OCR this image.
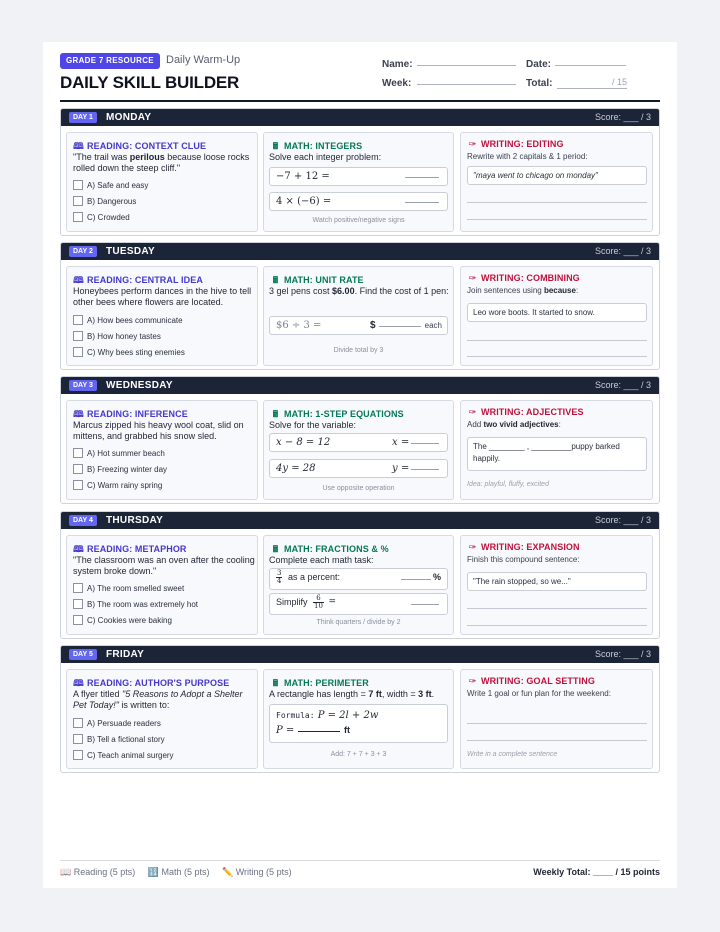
GRADE 7 RESOURCE	Daily Warm-Up
DAILY SKILL BUILDER
Name:	Date:
Week:	Total:	/ 15
DAY 1	MONDAY	Score: ___ / 3
🕮 READING: CONTEXT CLUE
"The trail was perilous because loose rocks rolled down the steep cliff."
A) Safe and easy
B) Dangerous
C) Crowded
🖩 MATH: INTEGERS
Solve each integer problem:
−7 + 12 =
4 × (−6) =
Watch positive/negative signs
✑ WRITING: EDITING
Rewrite with 2 capitals & 1 period:
"maya went to chicago on monday"
DAY 2	TUESDAY	Score: ___ / 3
🕮 READING: CENTRAL IDEA
Honeybees perform dances in the hive to tell other bees where flowers are located.
A) How bees communicate
B) How honey tastes
C) Why bees sting enemies
🖩 MATH: UNIT RATE
3 gel pens cost $6.00. Find the cost of 1 pen:
$6 ÷ 3 =	$	each
Divide total by 3
✑ WRITING: COMBINING
Join sentences using because:
Leo wore boots. It started to snow.
DAY 3	WEDNESDAY	Score: ___ / 3
🕮 READING: INFERENCE
Marcus zipped his heavy wool coat, slid on mittens, and grabbed his snow sled.
A) Hot summer beach
B) Freezing winter day
C) Warm rainy spring
🖩 MATH: 1-STEP EQUATIONS
Solve for the variable:
x − 8 = 12	x =
4y = 28	y =
Use opposite operation
✑ WRITING: ADJECTIVES
Add two vivid adjectives:
The ________ , _________puppy barked happily.
Idea: playful, fluffy, excited
DAY 4	THURSDAY	Score: ___ / 3
🕮 READING: METAPHOR
"The classroom was an oven after the cooling system broke down."
A) The room smelled sweet
B) The room was extremely hot
C) Cookies were baking
🖩 MATH: FRACTIONS & %
Complete each math task:
3
4 as a percent:	%
Simplify 6
10 =
Think quarters / divide by 2
✑ WRITING: EXPANSION
Finish this compound sentence:
"The rain stopped, so we..."
DAY 5	FRIDAY	Score: ___ / 3
🕮 READING: AUTHOR'S PURPOSE
A flyer titled "5 Reasons to Adopt a Shelter Pet Today!" is written to:
A) Persuade readers
B) Tell a fictional story
C) Teach animal surgery
🖩 MATH: PERIMETER
A rectangle has length = 7 ft, width = 3 ft.
Formula: P = 2l + 2w
P =	ft
Add: 7 + 7 + 3 + 3
✑ WRITING: GOAL SETTING
Write 1 goal or fun plan for the weekend:
Write in a complete sentence
📖 Reading (5 pts) 🔢 Math (5 pts) ✏️ Writing (5 pts)	Weekly Total: ____ / 15 points
